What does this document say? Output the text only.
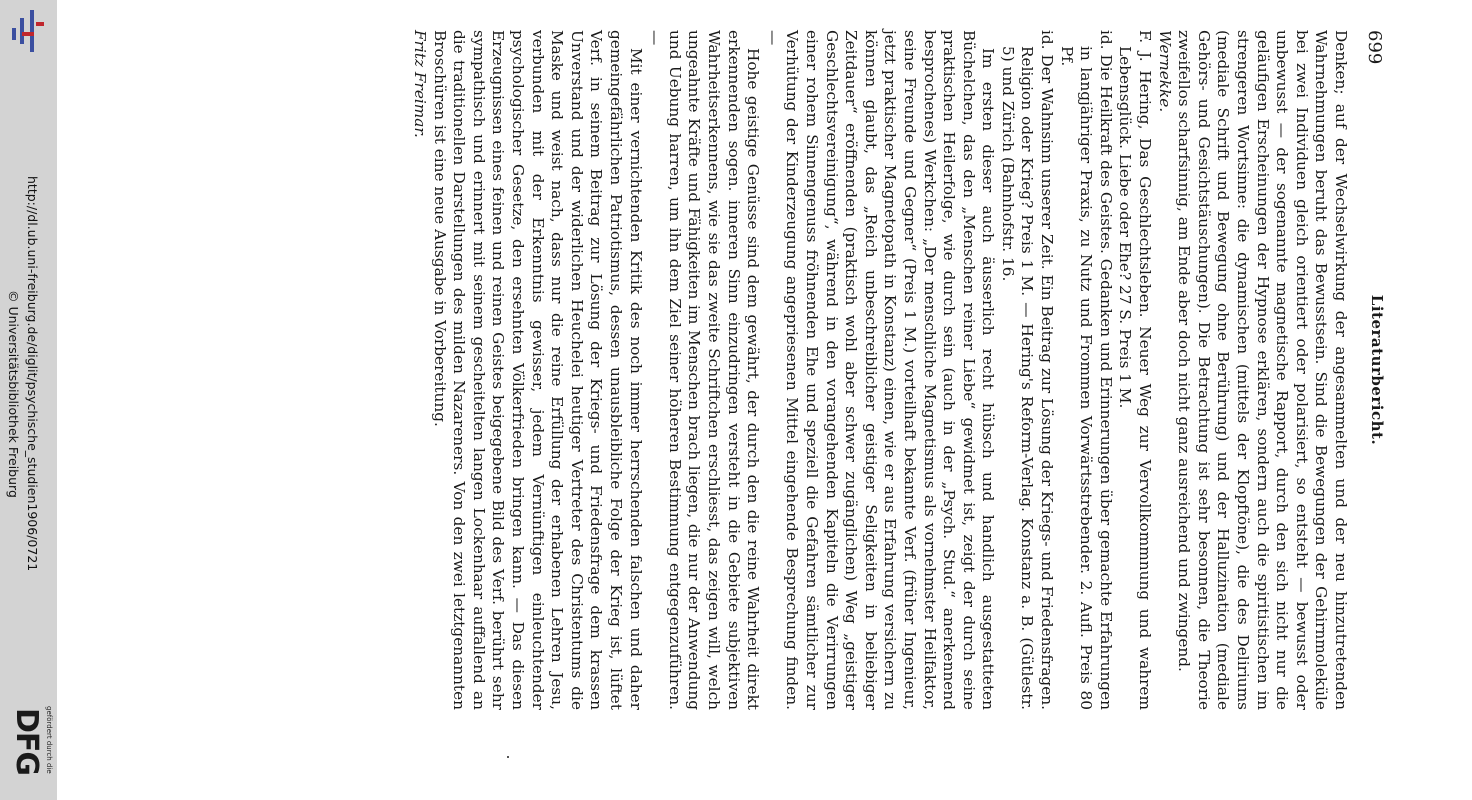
http://dl.ub.uni-freiburg.de/diglit/psychische_studien1906/0721
© Universitätsbibliothek Freiburg
gefördert durch die
DFG
Literaturbericht.
699

Denken; auf der Wechselwirkung der angesammelten und der neu hinzutretenden Wahrnehmungen beruht das Bewusstsein. Sind die Bewegungen der Gehirnmoleküle bei zwei Individuen gleich orientiert oder polarisiert, so entsteht — bewusst oder unbewusst — der sogenannte magnetische Rapport, durch den sich nicht nur die geläufigen Erscheinungen der Hypnose erklären, sondern auch die spiritistischen im strengeren Wortsinne: die dynamischen (mittels der Klopftöne), die des Deliriums (mediale Schrift und Bewegung ohne Berührung) und der Halluzination (mediale Gehörs- und Gesichtstäuschungen). Die Betrachtung ist sehr besonnen, die Theorie zweifellos scharfsinnig, am Ende aber doch nicht ganz ausreichend und zwingend.

Wernekke.

F. J. Hering, Das Geschlechtsleben. Neuer Weg zur Vervollkommnung und wahrem Lebensglück. Liebe oder Ehe? 27 S. Preis 1 M.

id. Die Heilkraft des Geistes. Gedanken und Erinnerungen über gemachte Erfahrungen in langjähriger Praxis, zu Nutz und Frommen Vorwärtsstrebender. 2. Aufl. Preis 80 Pf.

id. Der Wahnsinn unserer Zeit. Ein Beitrag zur Lösung der Kriegs- und Friedensfragen. Religion oder Krieg? Preis 1 M. — Hering's Reform-Verlag. Konstanz a. B. (Gütlestr. 5) und Zürich (Bahnhofstr. 16.

Im ersten dieser auch äusserlich recht hübsch und handlich ausgestatteten Büchelchen, das den „Menschen reiner Liebe“ gewidmet ist, zeigt der durch seine praktischen Heilerfolge, wie durch sein (auch in der „Psych. Stud.“ anerkennend besprochenes) Werkchen: „Der menschliche Magnetismus als vornehmster Heilfaktor, seine Freunde und Gegner“ (Preis 1 M.) vorteilhaft bekannte Verf. (früher Ingenieur, jetzt praktischer Magnetopath in Konstanz) einen, wie er aus Erfahrung versichern zu können glaubt, das „Reich unbeschreiblicher geistiger Seligkeiten in beliebiger Zeitdauer“ eröffnenden (praktisch wohl aber schwer zugänglichen) Weg „geistiger Geschlechtsvereinigung“, während in den vorangehenden Kapiteln die Verirrungen einer rohem Sinnengenuss fröhnenden Ehe und speziell die Gefahren sämtlicher zur Verhütung der Kinderzeugung angepriesenen Mittel eingehende Besprechung finden. —

Hohe geistige Genüsse sind dem gewährt, der durch den die reine Wahrheit direkt erkennenden sogen. inneren Sinn einzudringen versteht in die Gebiete subjektiven Wahrheitserkennens, wie sie das zweite Schriftchen erschliesst, das zeigen will, welch ungeahnte Kräfte und Fähigkeiten im Menschen brach liegen, die nur der Anwendung und Uebung harren, um ihn dem Ziel seiner höheren Bestimmung entgegenzuführen. —

Mit einer vernichtenden Kritik des noch immer herrschenden falschen und daher gemeingefährlichen Patriotismus, dessen unausbleibliche Folge der Krieg ist, lüftet Verf. in seinem Beitrag zur Lösung der Kriegs- und Friedensfrage dem krassen Unverstand und der widerlichen Heuchelei heutiger Vertreter des Christentums die Maske und weist nach, dass nur die reine Erfüllung der erhabenen Lehren Jesu, verbunden mit der Erkenntnis gewisser, jedem Vernünftigen einleuchtender psychologischer Gesetze, den ersehnten Völkerfrieden bringen kann. — Das diesen Erzeugnissen eines feinen und reinen Geistes beigegebene Bild des Verf. berührt sehr sympathisch und erinnert mit seinem gescheitelten langen Lockenhaar auffallend an die traditionellen Darstellungen des milden Nazareners. Von den zwei letztgenannten Broschüren ist eine neue Ausgabe in Vorbereitung.

Fritz Freimar.
